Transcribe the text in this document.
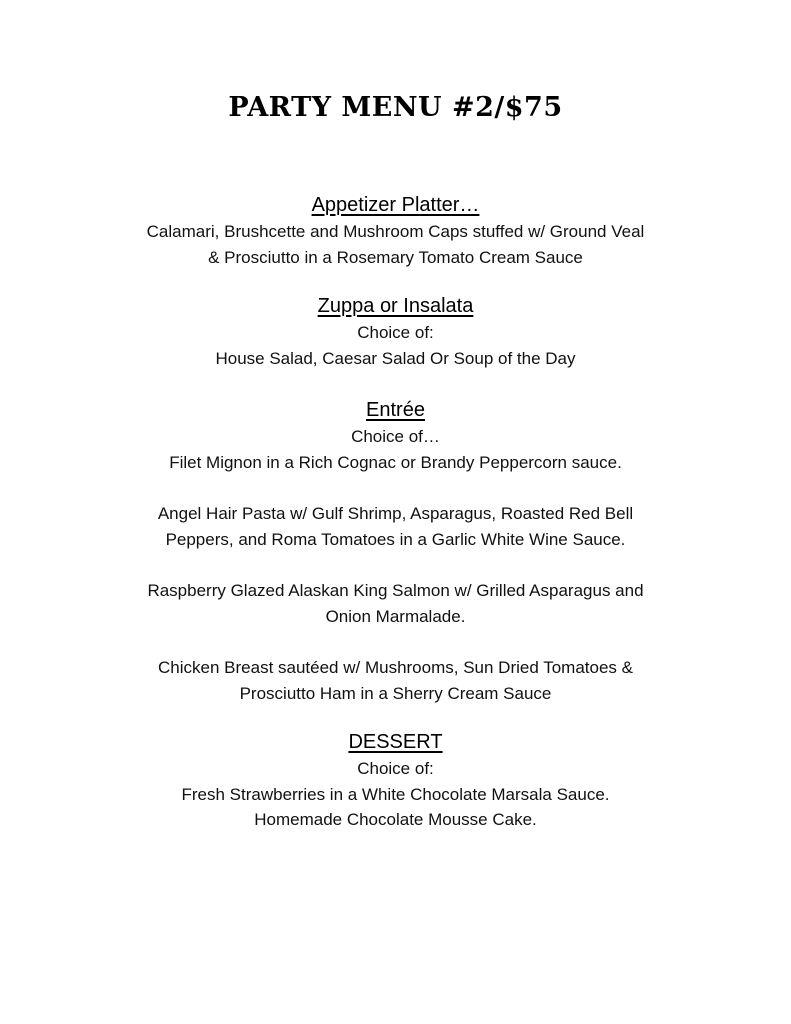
PARTY MENU #2/$75
Appetizer Platter…
Calamari, Brushcette and Mushroom Caps stuffed w/ Ground Veal
& Prosciutto in a Rosemary Tomato Cream Sauce
Zuppa or Insalata
Choice of:
House Salad, Caesar Salad Or Soup of the Day
Entrée
Choice of…
Filet Mignon in a Rich Cognac or Brandy Peppercorn sauce.
Angel Hair Pasta w/ Gulf Shrimp, Asparagus, Roasted Red Bell
Peppers, and Roma Tomatoes in a Garlic White Wine Sauce.
Raspberry Glazed Alaskan King Salmon w/ Grilled Asparagus and
Onion Marmalade.
Chicken Breast sautéed w/ Mushrooms, Sun Dried Tomatoes &
Prosciutto Ham in a Sherry Cream Sauce
DESSERT
Choice of:
Fresh Strawberries in a White Chocolate Marsala Sauce.
Homemade Chocolate Mousse Cake.
